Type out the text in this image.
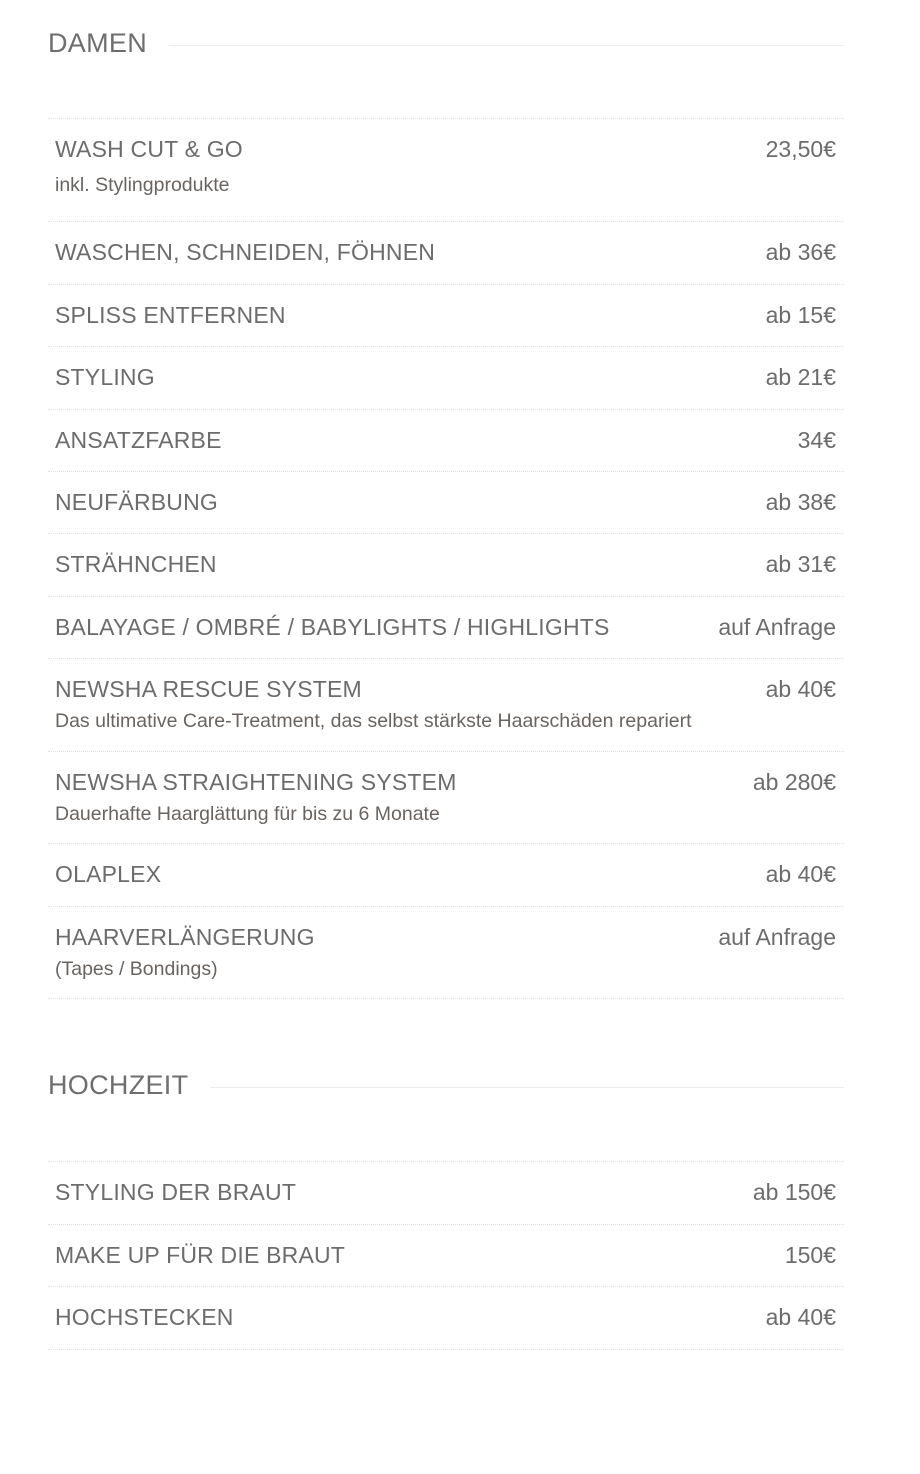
DAMEN
WASH CUT & GO	23,50€
inkl. Stylingprodukte
WASCHEN, SCHNEIDEN, FÖHNEN	ab 36€
SPLISS ENTFERNEN	ab 15€
STYLING	ab 21€
ANSATZFARBE	34€
NEUFÄRBUNG	ab 38€
STRÄHNCHEN	ab 31€
BALAYAGE / OMBRÉ / BABYLIGHTS / HIGHLIGHTS	auf Anfrage
NEWSHA RESCUE SYSTEM	ab 40€
Das ultimative Care-Treatment, das selbst stärkste Haarschäden repariert
NEWSHA STRAIGHTENING SYSTEM	ab 280€
Dauerhafte Haarglättung für bis zu 6 Monate
OLAPLEX	ab 40€
HAARVERLÄNGERUNG	auf Anfrage
(Tapes / Bondings)
HOCHZEIT
STYLING DER BRAUT	ab 150€
MAKE UP FÜR DIE BRAUT	150€
HOCHSTECKEN	ab 40€
